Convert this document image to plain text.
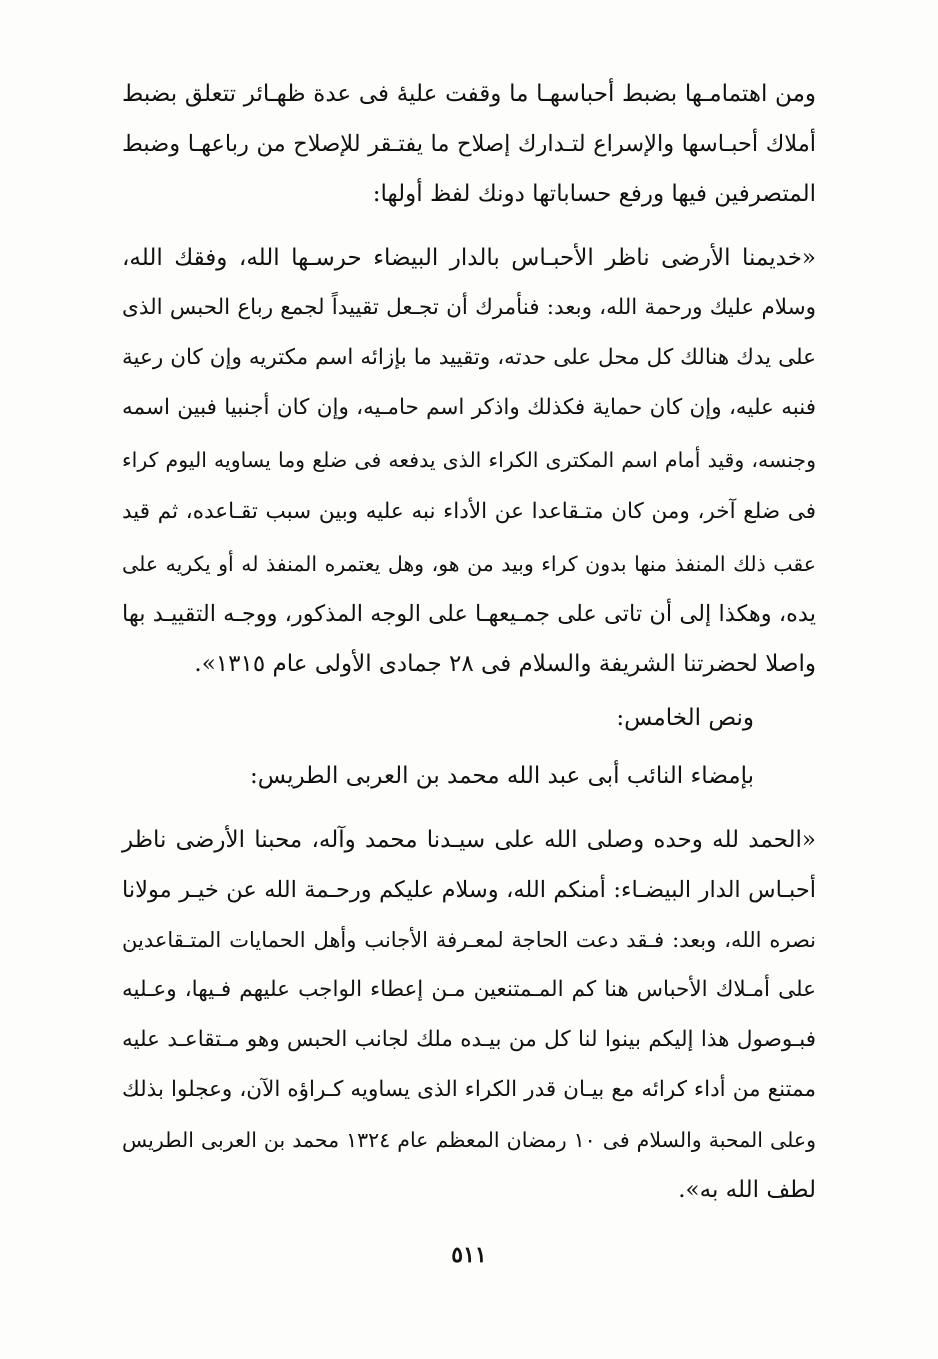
ومن اهتمامـها بضبط أحباسهـا ما وقفت عليهٔ فى عدة ظهـائر تتعلق بضبط
أملاك أحبـاسها والإسراع لتـدارك إصلاح ما يفتـقر للإصلاح من رباعهـا وضبط
المتصرفين فيها ورفع حساباتها دونك لفظ أولها:
«خديمنا الأرضى ناظر الأحبـاس بالدار البيضاء حرسـها الله، وفقك الله،
وسلام عليك ورحمة الله، وبعد: فنأمرك أن تجـعل تقييداً لجمع رباع الحبس الذى
على يدك هنالك كل محل على حدته، وتقييد ما بإزائه اسم مكتريه وإن كان رعية
فنبه عليه، وإن كان حماية فكذلك واذكر اسم حامـيه، وإن كان أجنبيا فبين اسمه
وجنسه، وقيد أمام اسم المكترى الكراء الذى يدفعه فى ضلع وما يساويه اليوم كراء
فى ضلع آخر، ومن كان متـقاعدا عن الأداء نبه عليه وبين سبب تقـاعده، ثم قيد
عقب ذلك المنفذ منها بدون كراء وبيد من هو، وهل يعتمره المنفذ له أو يكريه على
يده، وهكذا إلى أن تاتى على جمـيعهـا على الوجه المذكور، ووجـه التقييـد بها
واصلا لحضرتنا الشريفة والسلام فى ٢٨ جمادى الأولى عام ١٣١٥».
ونص الخامس:
بإمضاء النائب أبى عبد الله محمد بن العربى الطريس:
«الحمد لله وحده وصلى الله على سيـدنا محمد وآله، محبنا الأرضى ناظر
أحبـاس الدار البيضـاء: أمنكم الله، وسلام عليكم ورحـمة الله عن خيـر مولانا
نصره الله، وبعد: فـقد دعت الحاجة لمعـرفة الأجانب وأهل الحمايات المتـقاعدين
على أمـلاك الأحباس هنا كم المـمتنعين مـن إعطاء الواجب عليهم فـيها، وعـليه
فبـوصول هذا إليكم بينوا لنا كل من بيـده ملك لجانب الحبس وهو مـتقاعـد عليه
ممتنع من أداء كرائه مع بيـان قدر الكراء الذى يساويه كـراؤه الآن، وعجلوا بذلك
وعلى المحبة والسلام فى ١٠ رمضان المعظم عام ١٣٢٤ محمد بن العربى الطريس
لطف الله به».
٥١١
